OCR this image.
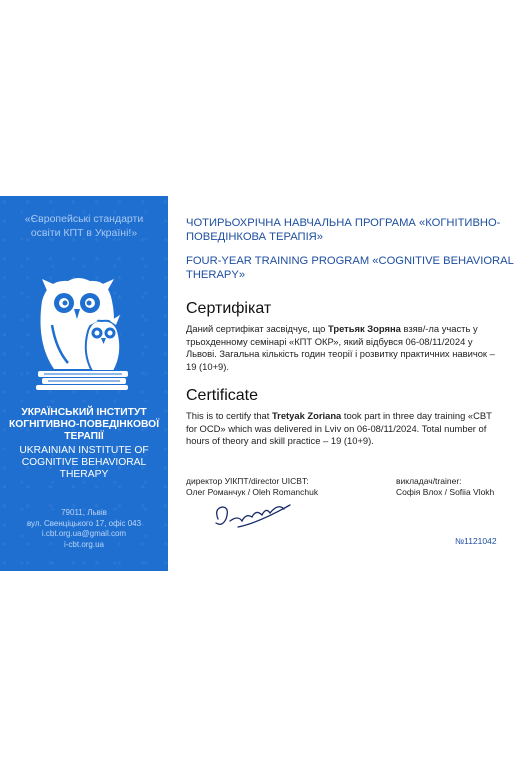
«Європейські стандарти освіти КПТ в Україні!»
УКРАЇНСЬКИЙ ІНСТИТУТ КОГНІТИВНО-ПОВЕДІНКОВОЇ ТЕРАПІЇ
UKRAINIAN INSTITUTE OF COGNITIVE BEHAVIORAL THERAPY
79011, Львів
вул. Свенціцького 17, офіс 043
i.cbt.org.ua@gmail.com
i-cbt.org.ua
ЧОТИРЬОХРІЧНА НАВЧАЛЬНА ПРОГРАМА «КОГНІТИВНО-ПОВЕДІНКОВА ТЕРАПІЯ»
FOUR-YEAR TRAINING PROGRAM «COGNITIVE BEHAVIORAL THERAPY»
Сертифікат
Даний сертифікат засвідчує, що Третьяк Зоряна взяв/-ла участь у трьохденному семінарі «КПТ ОКР», який відбувся 06-08/11/2024 у Львові. Загальна кількість годин теорії і розвитку практичних навичок – 19 (10+9).
Certificate
This is to certify that Tretyak Zoriana took part in three day training «CBT for OCD» which was delivered in Lviv on 06-08/11/2024. Total number of hours of theory and skill practice – 19 (10+9).
директор УІКПТ/director UICBT:
Олег Романчук / Oleh Romanchuk
викладач/trainer:
Софія Влох / Sofiia Vlokh
№1121042
